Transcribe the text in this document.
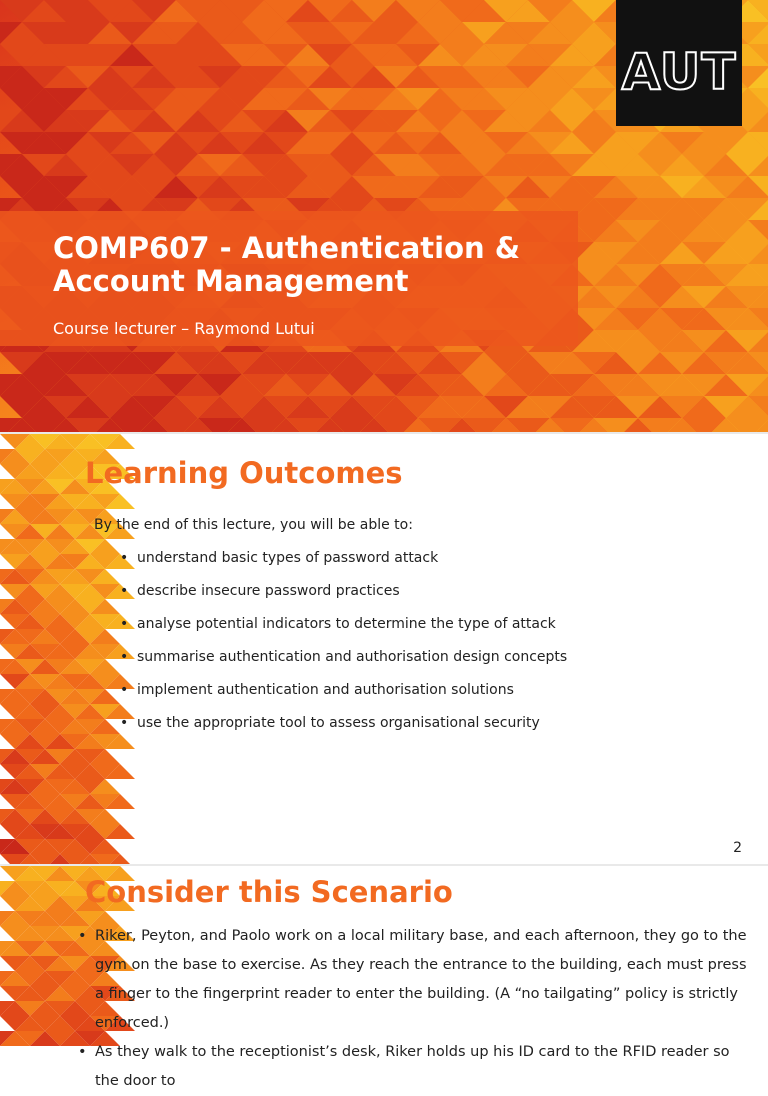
AUT
COMP607 - Authentication & Account Management
Course lecturer – Raymond Lutui
Learning Outcomes
By the end of this lecture, you will be able to:
• understand basic types of password attack
• describe insecure password practices
• analyse potential indicators to determine the type of attack
• summarise authentication and authorisation design concepts
• implement authentication and authorisation solutions
• use the appropriate tool to assess organisational security
2
Consider this Scenario
• Riker, Peyton, and Paolo work on a local military base, and each afternoon, they go to the gym on the base to exercise. As they reach the entrance to the building, each must press a finger to the fingerprint reader to enter the building. (A “no tailgating” policy is strictly enforced.)
• As they walk to the receptionist’s desk, Riker holds up his ID card to the RFID reader so the door to
